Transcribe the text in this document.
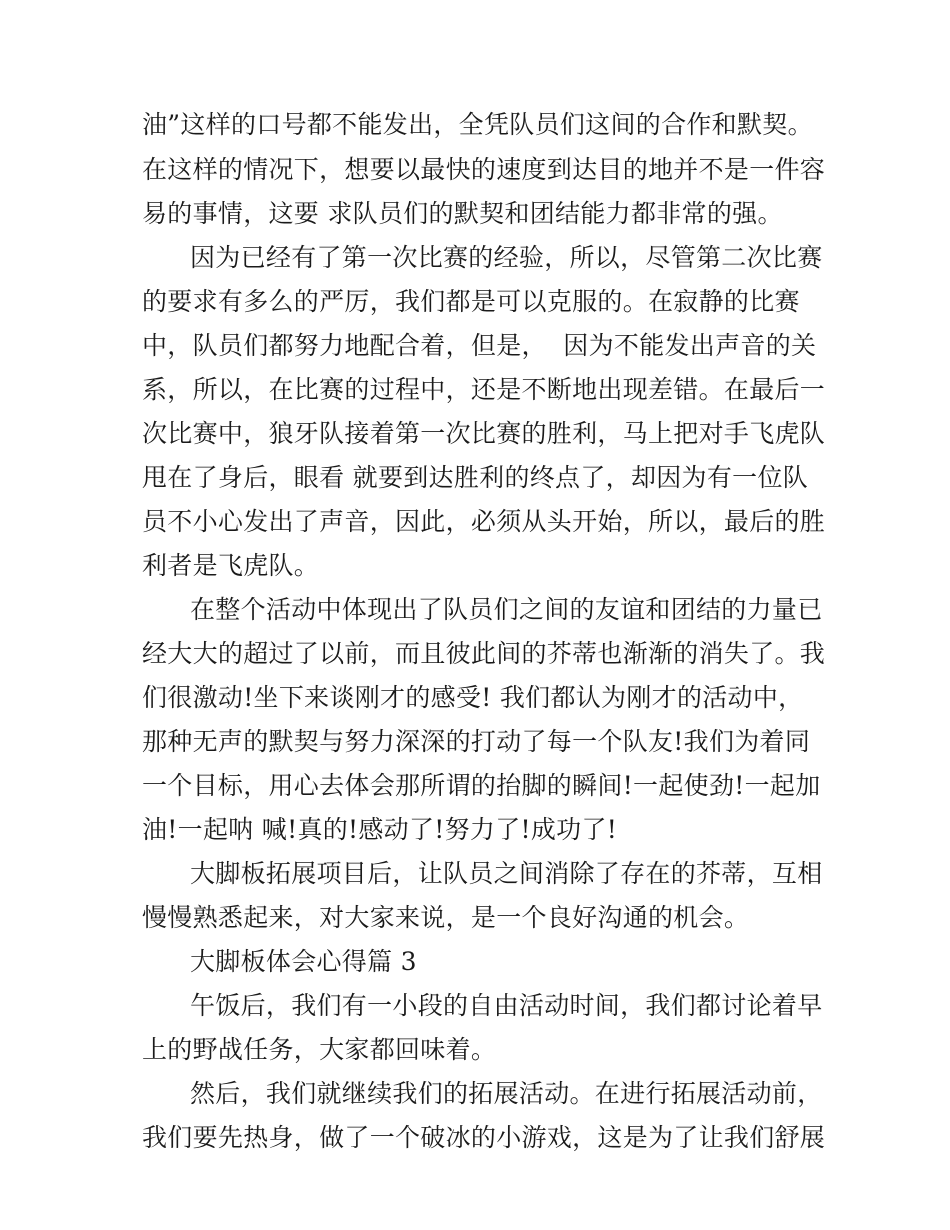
油”这样的口号都不能发出，全凭队员们这间的合作和默契。
在这样的情况下，想要以最快的速度到达目的地并不是一件容
易的事情，这要 求队员们的默契和团结能力都非常的强。
因为已经有了第一次比赛的经验，所以，尽管第二次比赛
的要求有多么的严厉，我们都是可以克服的。在寂静的比赛
中，队员们都努力地配合着，但是，  因为不能发出声音的关
系，所以，在比赛的过程中，还是不断地出现差错。在最后一
次比赛中，狼牙队接着第一次比赛的胜利，马上把对手飞虎队
甩在了身后，眼看 就要到达胜利的终点了，却因为有一位队
员不小心发出了声音，因此，必须从头开始，所以，最后的胜
利者是飞虎队。
在整个活动中体现出了队员们之间的友谊和团结的力量已
经大大的超过了以前，而且彼此间的芥蒂也渐渐的消失了。我
们很激动!坐下来谈刚才的感受! 我们都认为刚才的活动中，
那种无声的默契与努力深深的打动了每一个队友!我们为着同
一个目标，用心去体会那所谓的抬脚的瞬间!一起使劲!一起加
油!一起呐 喊!真的!感动了!努力了!成功了!
大脚板拓展项目后，让队员之间消除了存在的芥蒂，互相
慢慢熟悉起来，对大家来说，是一个良好沟通的机会。
大脚板体会心得篇 3
午饭后，我们有一小段的自由活动时间，我们都讨论着早
上的野战任务，大家都回味着。
然后，我们就继续我们的拓展活动。在进行拓展活动前，
我们要先热身，做了一个破冰的小游戏，这是为了让我们舒展
